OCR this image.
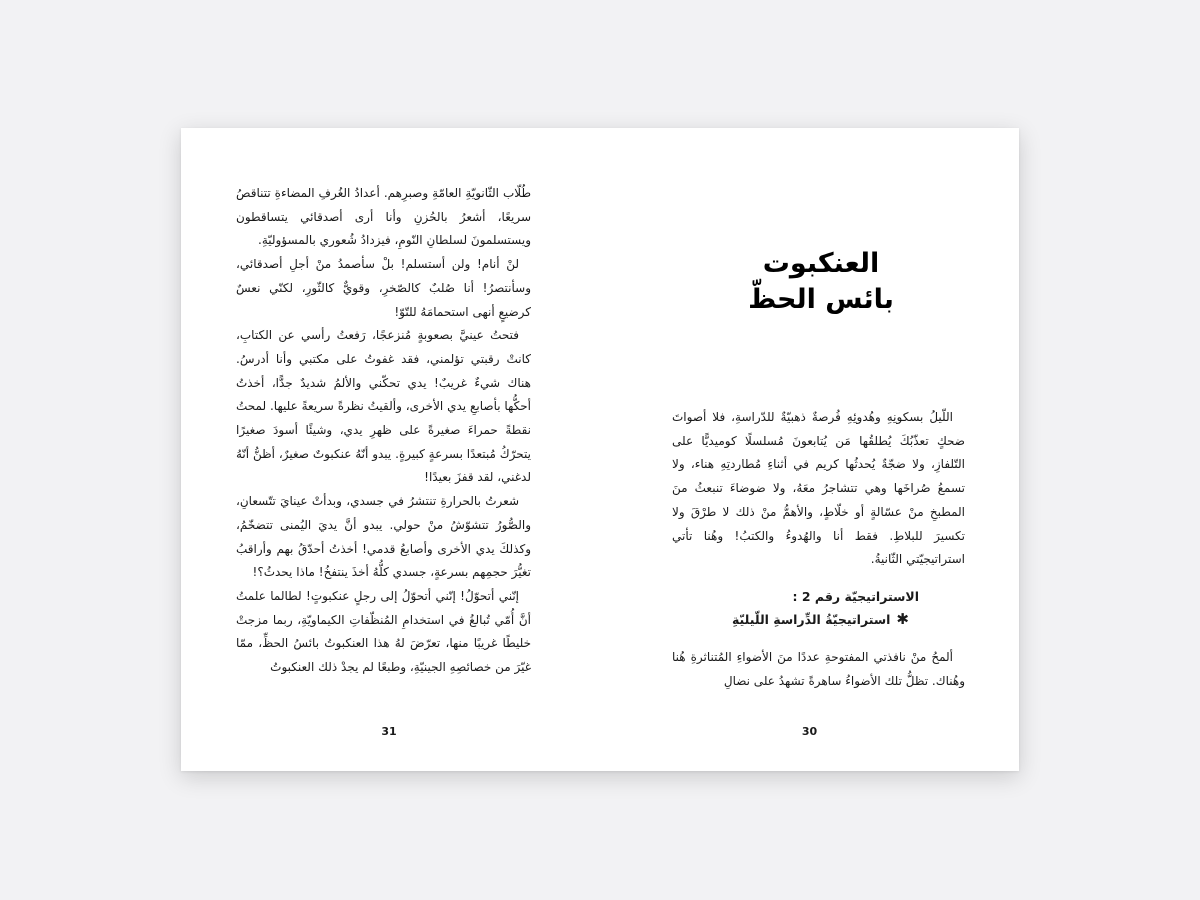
طُلّاب الثّانويّةِ العامّةِ وصبرِهم. أعدادُ الغُرفِ المضاءةِ تتناقصُ سريعًا، أشعرُ بالحُزنِ وأنا أرى أصدقائي يتساقطون ويستسلمونَ لسلطانِ النّومِ، فيزدادُ شُعوري بالمسؤوليّةِ.

لنْ أنام! ولن أستسلم! بلْ سأصمدُ منْ أجلِ أصدقائي، وسأنتصرُ! أنا صُلبٌ كالصّخرِ، وقويٌّ كالثّورِ، لكنّي نعسٌ كرضيعٍ أنهى استحمامَهُ للتّوّ!

فتحتُ عينيَّ بصعوبةٍ مُنزعجًا، رَفعتُ رأسي عن الكتابِ، كانتْ رقبتي تؤلمني، فقد غفوتُ على مكتبي وأنا أدرسُ. هناك شيءٌ غريبٌ! يدي تحكّني والألمُ شديدٌ جدًّا، أخذتُ أحكُّها بأصابعِ يدي الأخرى، وألقيتُ نظرةً سريعةً عليها. لمحتُ نقطةً حمراءَ صغيرةً على ظهرِ يدي، وشيئًا أسودَ صغيرًا يتحرّكُ مُبتعدًا بسرعةٍ كبيرةٍ. يبدو أنّهُ عنكبوتٌ صغيرٌ، أظنُّ أنّهُ لدغني، لقد قفزَ بعيدًا!

شعرتُ بالحرارةِ تنتشرُ في جسدي، وبدأتْ عينايَ تتّسعانِ، والصُّورُ تتشوّشُ منْ حولي. يبدو أنَّ يديَ اليُمنى تتضخّمُ، وكذلكَ يدي الأخرى وأصابعُ قدمي! أخذتُ أحدّقُ بهم وأراقبُ تغيُّرَ حجمِهم بسرعةٍ، جسدي كلُّهُ أخذَ ينتفخُ! ماذا يحدثُ؟!

إنّني أتحوّلُ! إنّني أتحوّلُ إلى رجلٍ عنكبوتٍ! لطالما علمتُ أنَّ أُمّي تُبالغُ في استخدامِ المُنظّفاتِ الكيماويّةِ، ربما مزجتْ خليطًا غريبًا منها، تعرّضَ لهُ هذا العنكبوتُ بائسُ الحظِّ، ممّا غيّرَ من خصائصِهِ الجينيّةِ، وطبعًا لم يجدْ ذلك العنكبوتُ

31	30
العنكبوت
بائس الحظّ

اللّيلُ بسكونِهِ وهُدوئِهِ فُرصةٌ ذهبيّةٌ للدّراسةِ، فلا أصواتَ ضحكٍ تعذّبُكَ يُطلقُها مَن يُتابعونَ مُسلسلًا كوميديًّا على التّلفازِ، ولا ضجّةٌ يُحدثُها كريم في أثناءِ مُطاردتِهِ هناء، ولا تسمعُ صُراخَها وهي تتشاجرُ معَهُ، ولا ضوضاءَ تنبعثُ منَ المطبخِ منْ عسّالةٍ أو خلّاطٍ، والأهمُّ منْ ذلك لا طرْقَ ولا تكسيرَ للبلاطِ. فقط أنا والهُدوءُ والكتبُ! وهُنا تأتي استراتيجيّتي الثّانيةُ.

الاستراتيجيّة رقم 2 :
✱استراتيجيّةُ الدِّراسةِ اللّيليّةِ

ألمحُ منْ نافذتي المفتوحةِ عددًا منَ الأضواءِ المُتناثرةِ هُنا وهُناك. تظلُّ تلك الأضواءُ ساهرةً تشهدُ على نضالِ
